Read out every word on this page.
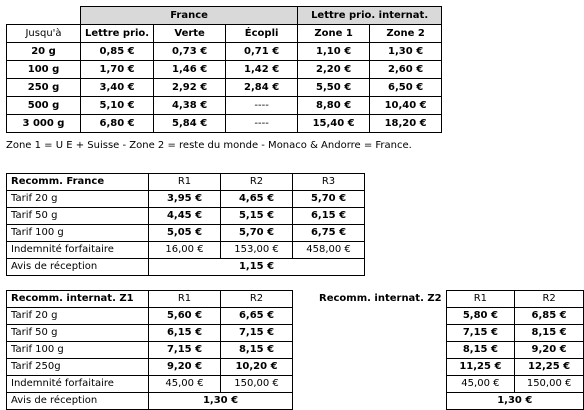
	France			Lettre prio. internat.	
Jusqu'à	Lettre prio.	Verte	Écopli	Zone 1	Zone 2
20 g	0,85 €	0,73 €	0,71 €	1,10 €	1,30 €
100 g	1,70 €	1,46 €	1,42 €	2,20 €	2,60 €
250 g	3,40 €	2,92 €	2,84 €	5,50 €	6,50 €
500 g	5,10 €	4,38 €	----	8,80 €	10,40 €
3 000 g	6,80 €	5,84 €	----	15,40 €	18,20 €
Zone 1 = U E + Suisse - Zone 2 = reste du monde - Monaco & Andorre = France.
Recomm. France	R1	R2	R3
Tarif 20 g	3,95 €	4,65 €	5,70 €
Tarif 50 g	4,45 €	5,15 €	6,15 €
Tarif 100 g	5,05 €	5,70 €	6,75 €
Indemnité forfaitaire	16,00 €	153,00 €	458,00 €
Avis de réception	1,15 €		
Recomm. internat. Z1	R1	R2
Tarif 20 g	5,60 €	6,65 €
Tarif 50 g	6,15 €	7,15 €
Tarif 100 g	7,15 €	8,15 €
Tarif 250g	9,20 €	10,20 €
Indemnité forfaitaire	45,00 €	150,00 €
Avis de réception	1,30 €	
Recomm. internat. Z2	R1	R2
	5,80 €	6,85 €
	7,15 €	8,15 €
	8,15 €	9,20 €
	11,25 €	12,25 €
	45,00 €	150,00 €
	1,30 €	
